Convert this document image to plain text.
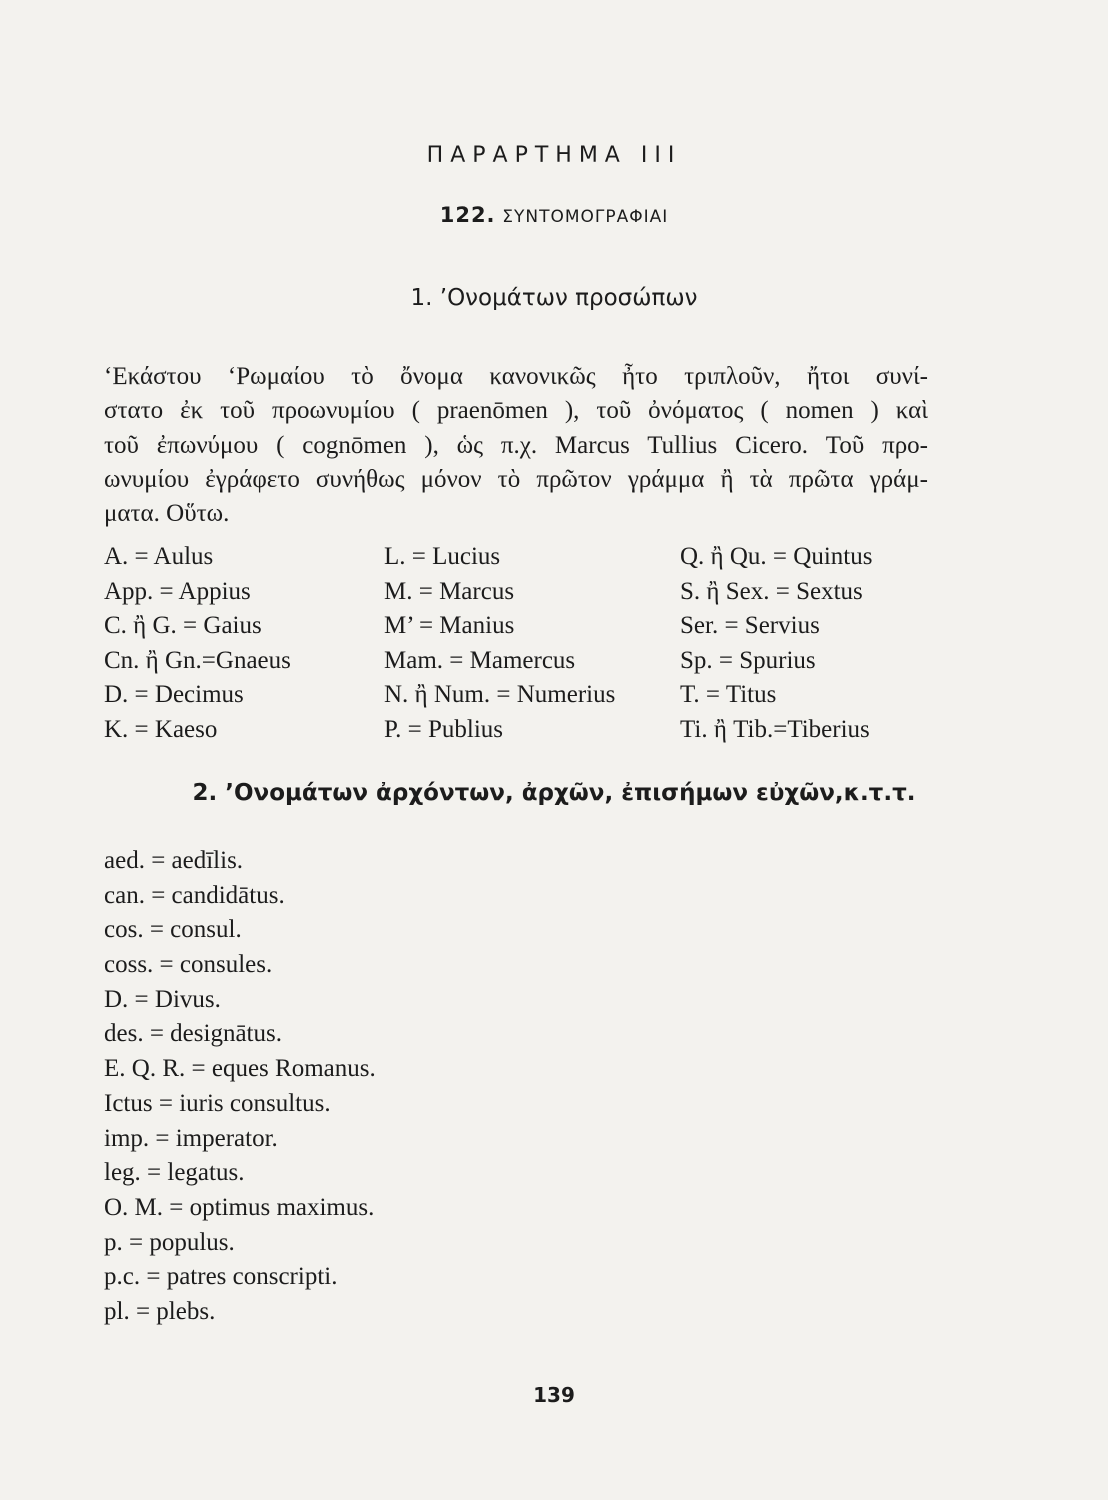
ΠΑΡΑΡΤΗΜΑ III
122. ΣΥΝΤΟΜΟΓΡΑΦΙΑΙ
1. ’Ονομάτων προσώπων
‘Εκάστου ‘Ρωμαίου τὸ ὄνομα κανονικῶς ἦτο τριπλοῦν, ἤτοι συνί-
στατο ἐκ τοῦ προωνυμίου ( praenōmen ), τοῦ ὀνόματος ( nomen ) καὶ
τοῦ ἐπωνύμου ( cognōmen ), ὡς π.χ. Marcus Tullius Cicero. Τοῦ προ-
ωνυμίου ἐγράφετο συνήθως μόνον τὸ πρῶτον γράμμα ἢ τὰ πρῶτα γράμ-
ματα. Οὕτω.
A. = Aulus
App. = Appius
C. ἢ G. = Gaius
Cn. ἢ Gn.=Gnaeus
D. = Decimus
K. = Kaeso
L. = Lucius
M. = Marcus
M’ = Manius
Mam. = Mamercus
N. ἢ Num. = Numerius
P. = Publius
Q. ἢ Qu. = Quintus
S. ἢ Sex. = Sextus
Ser. = Servius
Sp. = Spurius
T. = Titus
Ti. ἢ Tib.=Tiberius
2. ’Ονομάτων ἀρχόντων, ἀρχῶν, ἐπισήμων εὐχῶν,κ.τ.τ.
aed. = aedīlis.
can. = candidātus.
cos. = consul.
coss. = consules.
D. = Divus.
des. = designātus.
E. Q. R. = eques Romanus.
Ictus = iuris consultus.
imp. = imperator.
leg. = legatus.
O. M. = optimus maximus.
p. = populus.
p.c. = patres conscripti.
pl. = plebs.
139
